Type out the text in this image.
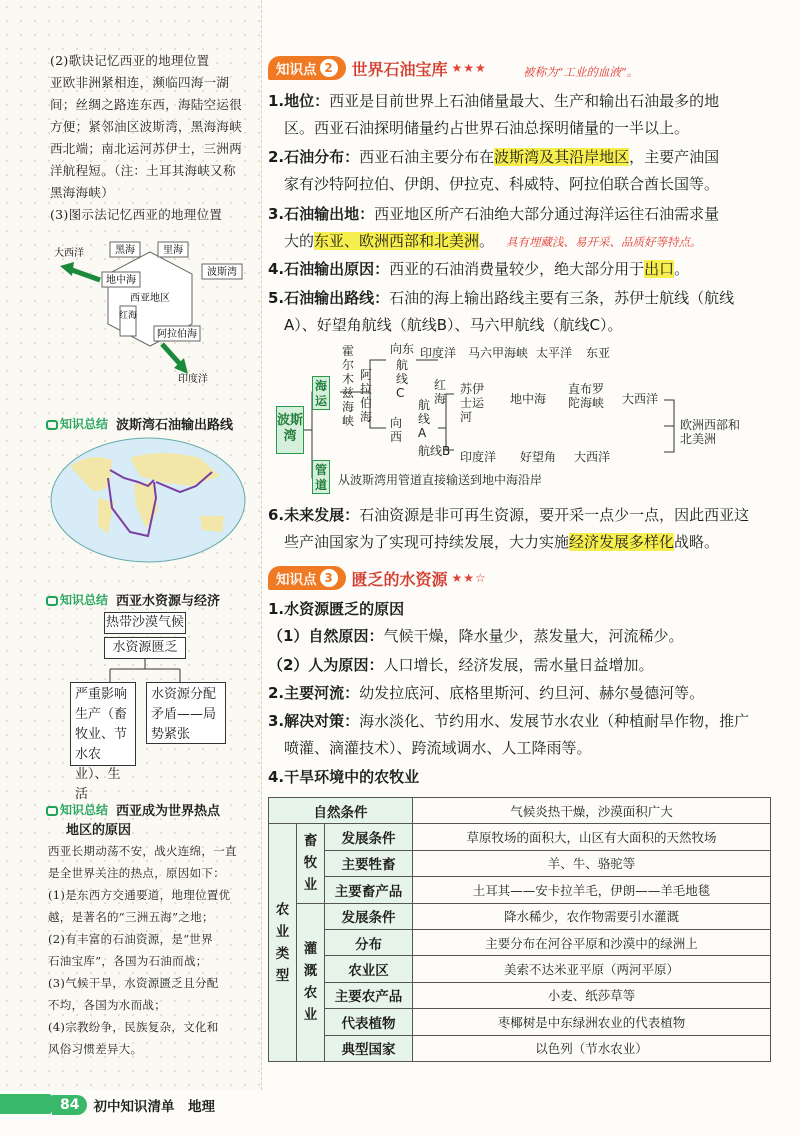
(2)歌诀记忆西亚的地理位置
亚欧非洲紧相连，濒临四海一湖
间；丝绸之路连东西，海陆空运很
方便；紧邻油区波斯湾，黑海海峡
西北端；南北运河苏伊士，三洲两
洋航程短。（注：土耳其海峡又称
黑海海峡）
(3)图示法记忆西亚的地理位置
西亚地区
黑海	里海
波斯湾
地中海
红海
阿拉伯海
大西洋
印度洋
知识总结 波斯湾石油输出路线
知识总结 西亚水资源与经济
热带沙漠气候
水资源匮乏
严重影响生产（畜牧业、节水农业）、生活
水资源分配矛盾——局势紧张
知识总结 西亚成为世界热点
地区的原因
西亚长期动荡不安，战火连绵，一直
是全世界关注的热点，原因如下：
(1)是东西方交通要道，地理位置优
越，是著名的“三洲五海”之地；
(2)有丰富的石油资源，是“世界
石油宝库”，各国为石油而战；
(3)气候干旱，水资源匮乏且分配
不均，各国为水而战；
(4)宗教纷争，民族复杂，文化和
风俗习惯差异大。
知识点 2	世界石油宝库 ★★★	被称为“工业的血液”。
1.地位：西亚是目前世界上石油储量最大、生产和输出石油最多的地
区。西亚石油探明储量约占世界石油总探明储量的一半以上。
2.石油分布：西亚石油主要分布在波斯湾及其沿岸地区，主要产油国
家有沙特阿拉伯、伊朗、伊拉克、科威特、阿拉伯联合酋长国等。
3.石油输出地：西亚地区所产石油绝大部分通过海洋运往石油需求量
大的东亚、欧洲西部和北美洲。	具有埋藏浅、易开采、品质好等特点。
4.石油输出原因：西亚的石油消费量较少，绝大部分用于出口。
5.石油输出路线：石油的海上输出路线主要有三条，苏伊士航线（航线
A）、好望角航线（航线B）、马六甲航线（航线C）。
波斯湾
海运
管道
霍尔木兹海峡
阿拉伯海
向东
航线C
向西
印度洋 马六甲海峡 太平洋 东亚
红海
航线A
苏伊士运河
地中海
直布罗陀海峡	大西洋
航线B 印度洋 好望角 大西洋
欧洲西部和北美洲
从波斯湾用管道直接输送到地中海沿岸
6.未来发展：石油资源是非可再生资源，要开采一点少一点，因此西亚这
些产油国家为了实现可持续发展，大力实施经济发展多样化战略。
知识点 3	匮乏的水资源 ★★☆
1.水资源匮乏的原因
（1）自然原因：气候干燥，降水量少，蒸发量大，河流稀少。
（2）人为原因：人口增长，经济发展，需水量日益增加。
2.主要河流：幼发拉底河、底格里斯河、约旦河、赫尔曼德河等。
3.解决对策：海水淡化、节约用水、发展节水农业（种植耐旱作物，推广
喷灌、滴灌技术）、跨流域调水、人工降雨等。
4.干旱环境中的农牧业
自然条件			气候炎热干燥，沙漠面积广大
农业类型	畜牧业	发展条件	草原牧场的面积大，山区有大面积的天然牧场
		主要牲畜	羊、牛、骆驼等
		主要畜产品	土耳其——安卡拉羊毛，伊朗——羊毛地毯
	灌溉农业	发展条件	降水稀少，农作物需要引水灌溉
		分布	主要分布在河谷平原和沙漠中的绿洲上
		农业区	美索不达米亚平原（两河平原）
		主要农产品	小麦、纸莎草等
		代表植物	枣椰树是中东绿洲农业的代表植物
		典型国家	以色列（节水农业）
84	初中知识清单　地理
